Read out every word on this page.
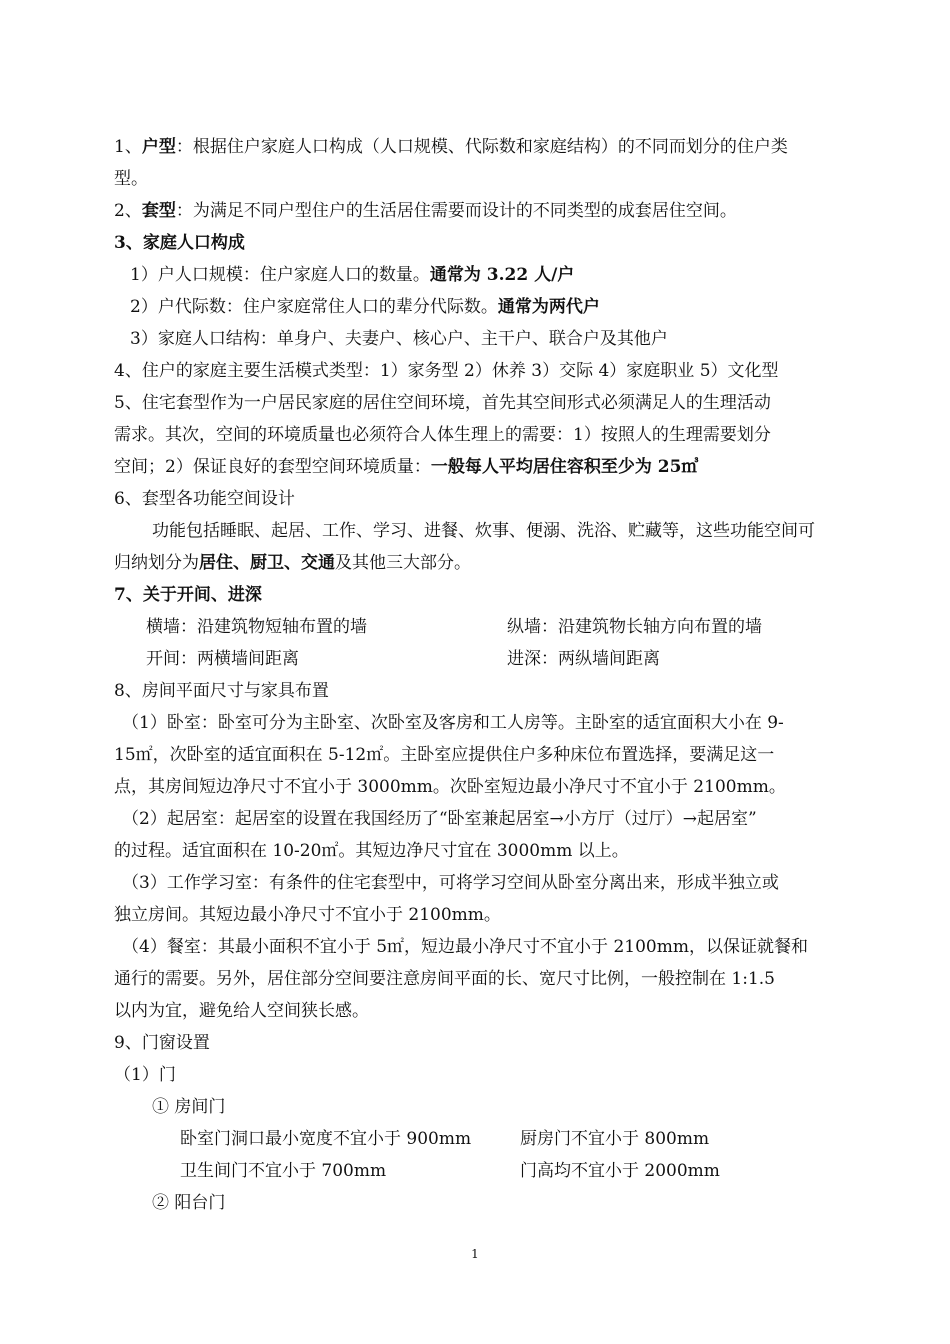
1、户型：根据住户家庭人口构成（人口规模、代际数和家庭结构）的不同而划分的住户类
型。
2、套型：为满足不同户型住户的生活居住需要而设计的不同类型的成套居住空间。
3、家庭人口构成
1）户人口规模：住户家庭人口的数量。通常为 3.22 人/户
2）户代际数：住户家庭常住人口的辈分代际数。通常为两代户
3）家庭人口结构：单身户、夫妻户、核心户、主干户、联合户及其他户
4、住户的家庭主要生活模式类型：1）家务型 2）休养 3）交际 4）家庭职业 5）文化型
5、住宅套型作为一户居民家庭的居住空间环境，首先其空间形式必须满足人的生理活动
需求。其次，空间的环境质量也必须符合人体生理上的需要：1）按照人的生理需要划分
空间；2）保证良好的套型空间环境质量：一般每人平均居住容积至少为 25㎥
6、套型各功能空间设计
功能包括睡眠、起居、工作、学习、进餐、炊事、便溺、洗浴、贮藏等，这些功能空间可
归纳划分为居住、厨卫、交通及其他三大部分。
7、关于开间、进深
横墙：沿建筑物短轴布置的墙	纵墙：沿建筑物长轴方向布置的墙
开间：两横墙间距离	进深：两纵墙间距离
8、房间平面尺寸与家具布置
（1）卧室：卧室可分为主卧室、次卧室及客房和工人房等。主卧室的适宜面积大小在 9-
15㎡，次卧室的适宜面积在 5-12㎡。主卧室应提供住户多种床位布置选择，要满足这一
点，其房间短边净尺寸不宜小于 3000mm。次卧室短边最小净尺寸不宜小于 2100mm。
（2）起居室：起居室的设置在我国经历了“卧室兼起居室→小方厅（过厅）→起居室”
的过程。适宜面积在 10-20㎡。其短边净尺寸宜在 3000mm 以上。
（3）工作学习室：有条件的住宅套型中，可将学习空间从卧室分离出来，形成半独立或
独立房间。其短边最小净尺寸不宜小于 2100mm。
（4）餐室：其最小面积不宜小于 5㎡，短边最小净尺寸不宜小于 2100mm，以保证就餐和
通行的需要。另外，居住部分空间要注意房间平面的长、宽尺寸比例，一般控制在 1:1.5
以内为宜，避免给人空间狭长感。
9、门窗设置
（1）门
① 房间门
卧室门洞口最小宽度不宜小于 900mm	厨房门不宜小于 800mm
卫生间门不宜小于 700mm	门高均不宜小于 2000mm
② 阳台门
1
